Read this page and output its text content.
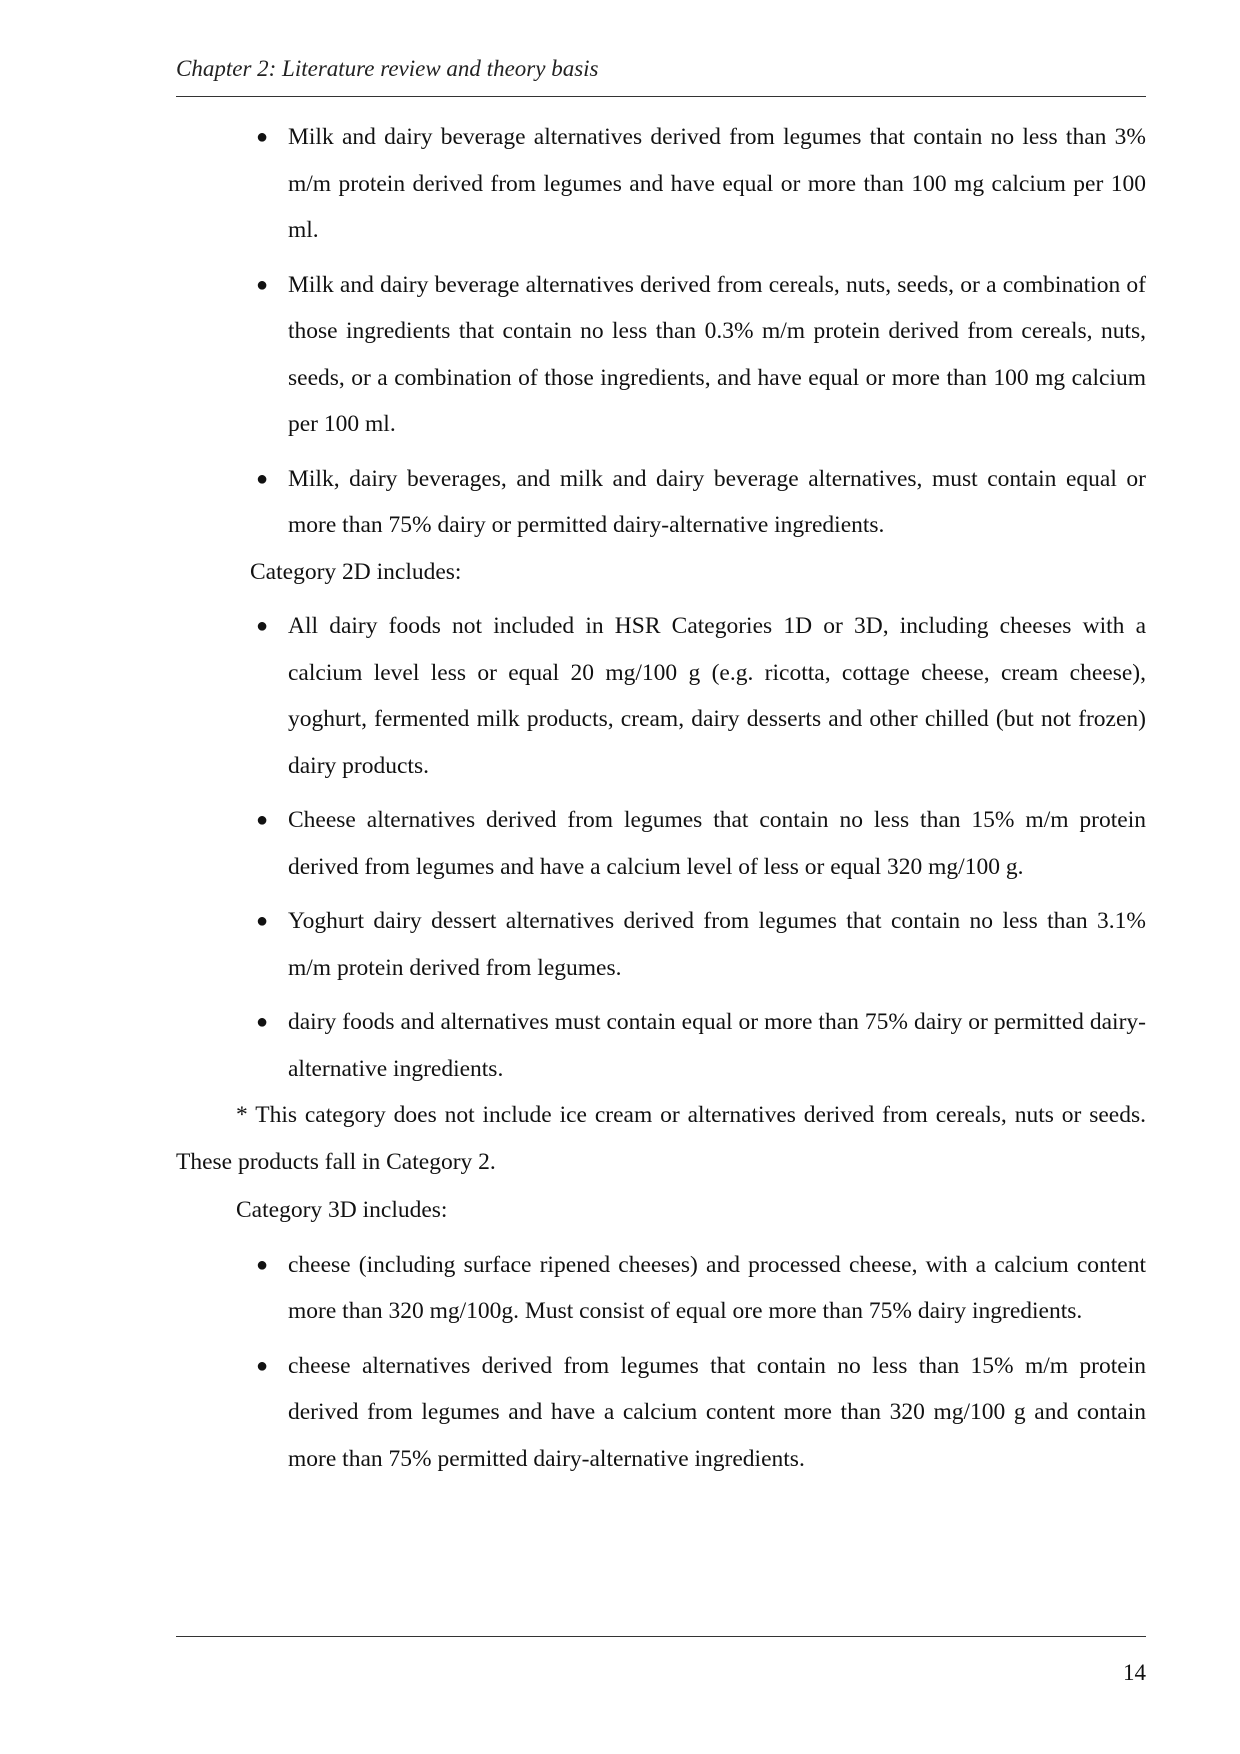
Chapter 2: Literature review and theory basis
● Milk and dairy beverage alternatives derived from legumes that contain no less than 3% m/m protein derived from legumes and have equal or more than 100 mg calcium per 100 ml.
● Milk and dairy beverage alternatives derived from cereals, nuts, seeds, or a combination of those ingredients that contain no less than 0.3% m/m protein derived from cereals, nuts, seeds, or a combination of those ingredients, and have equal or more than 100 mg calcium per 100 ml.
● Milk, dairy beverages, and milk and dairy beverage alternatives, must contain equal or more than 75% dairy or permitted dairy-alternative ingredients.

Category 2D includes:

● All dairy foods not included in HSR Categories 1D or 3D, including cheeses with a calcium level less or equal 20 mg/100 g (e.g. ricotta, cottage cheese, cream cheese), yoghurt, fermented milk products, cream, dairy desserts and other chilled (but not frozen) dairy products.
● Cheese alternatives derived from legumes that contain no less than 15% m/m protein derived from legumes and have a calcium level of less or equal 320 mg/100 g.
● Yoghurt dairy dessert alternatives derived from legumes that contain no less than 3.1% m/m protein derived from legumes.
● dairy foods and alternatives must contain equal or more than 75% dairy or permitted dairy-alternative ingredients.

* This category does not include ice cream or alternatives derived from cereals, nuts or seeds. These products fall in Category 2.

Category 3D includes:

● cheese (including surface ripened cheeses) and processed cheese, with a calcium content more than 320 mg/100g. Must consist of equal ore more than 75% dairy ingredients.
● cheese alternatives derived from legumes that contain no less than 15% m/m protein derived from legumes and have a calcium content more than 320 mg/100 g and contain more than 75% permitted dairy-alternative ingredients.
14
